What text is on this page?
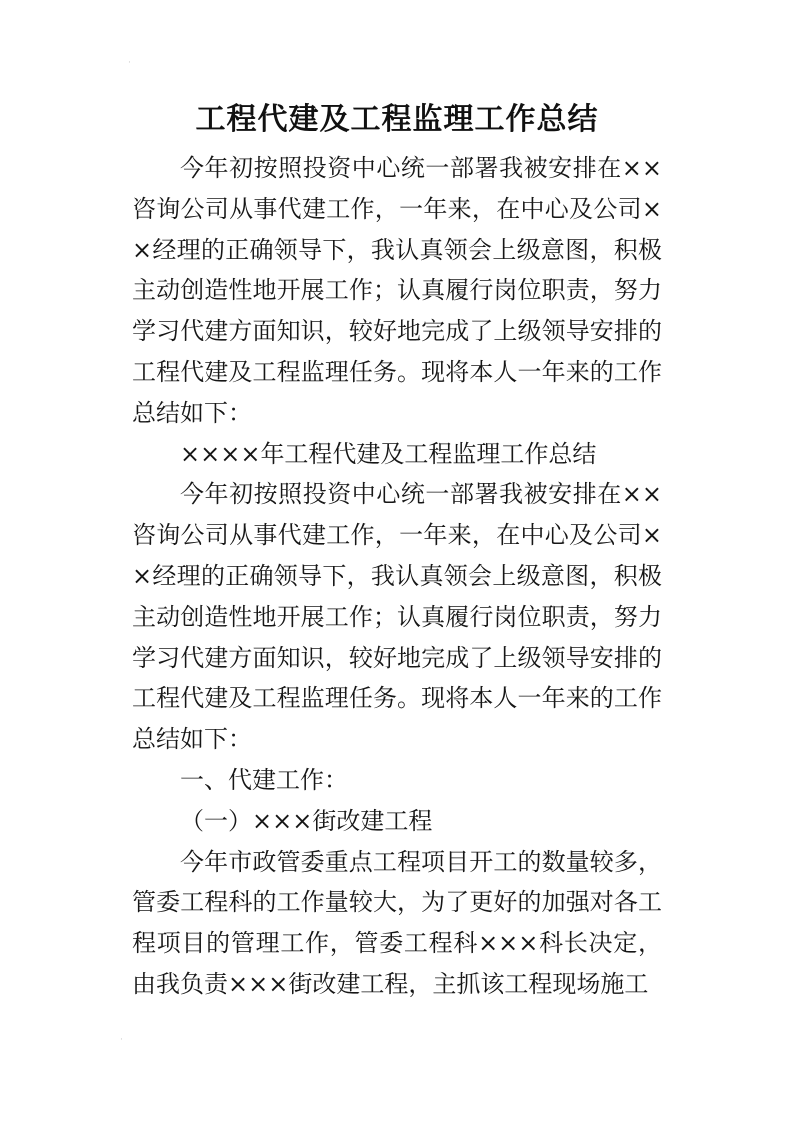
·
·
工程代建及工程监理工作总结

今年初按照投资中心统一部署我被安排在××咨询公司从事代建工作，一年来，在中心及公司××经理的正确领导下，我认真领会上级意图，积极主动创造性地开展工作；认真履行岗位职责，努力学习代建方面知识，较好地完成了上级领导安排的工程代建及工程监理任务。现将本人一年来的工作总结如下：

××××年工程代建及工程监理工作总结

今年初按照投资中心统一部署我被安排在××咨询公司从事代建工作，一年来，在中心及公司××经理的正确领导下，我认真领会上级意图，积极主动创造性地开展工作；认真履行岗位职责，努力学习代建方面知识，较好地完成了上级领导安排的工程代建及工程监理任务。现将本人一年来的工作总结如下：

一、代建工作：

（一）×××街改建工程

今年市政管委重点工程项目开工的数量较多，管委工程科的工作量较大，为了更好的加强对各工程项目的管理工作，管委工程科×××科长决定，由我负责×××街改建工程，主抓该工程现场施工
